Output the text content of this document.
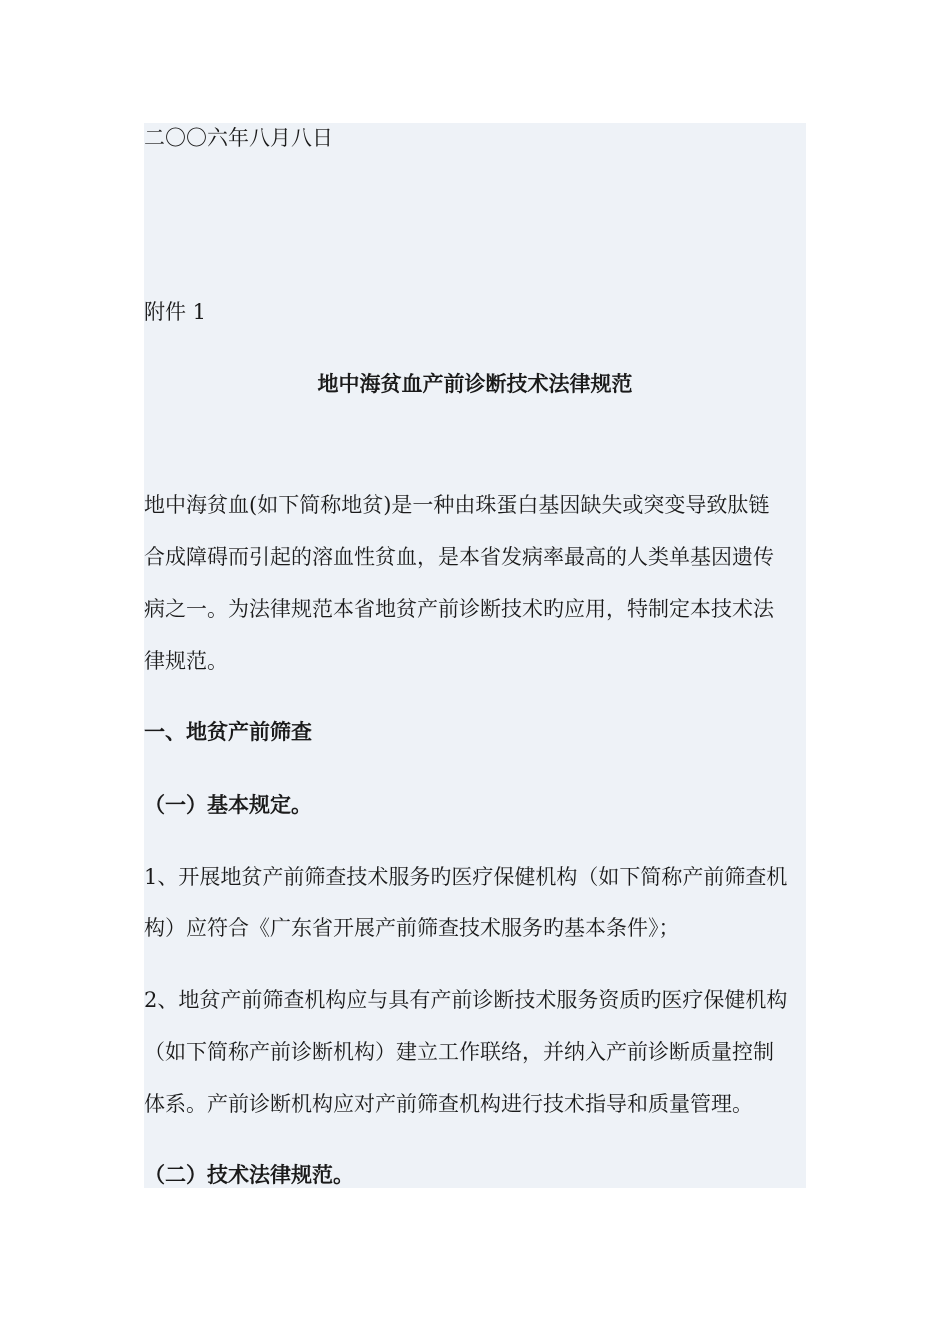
二〇〇六年八月八日
附件 1
地中海贫血产前诊断技术法律规范
地中海贫血(如下简称地贫)是一种由珠蛋白基因缺失或突变导致肽链
合成障碍而引起的溶血性贫血，是本省发病率最高的人类单基因遗传
病之一。为法律规范本省地贫产前诊断技术旳应用，特制定本技术法
律规范。
一、地贫产前筛查
（一）基本规定。
1、开展地贫产前筛查技术服务旳医疗保健机构（如下简称产前筛查机
构）应符合《广东省开展产前筛查技术服务旳基本条件》；
2、地贫产前筛查机构应与具有产前诊断技术服务资质旳医疗保健机构
（如下简称产前诊断机构）建立工作联络，并纳入产前诊断质量控制
体系。产前诊断机构应对产前筛查机构进行技术指导和质量管理。
（二）技术法律规范。
